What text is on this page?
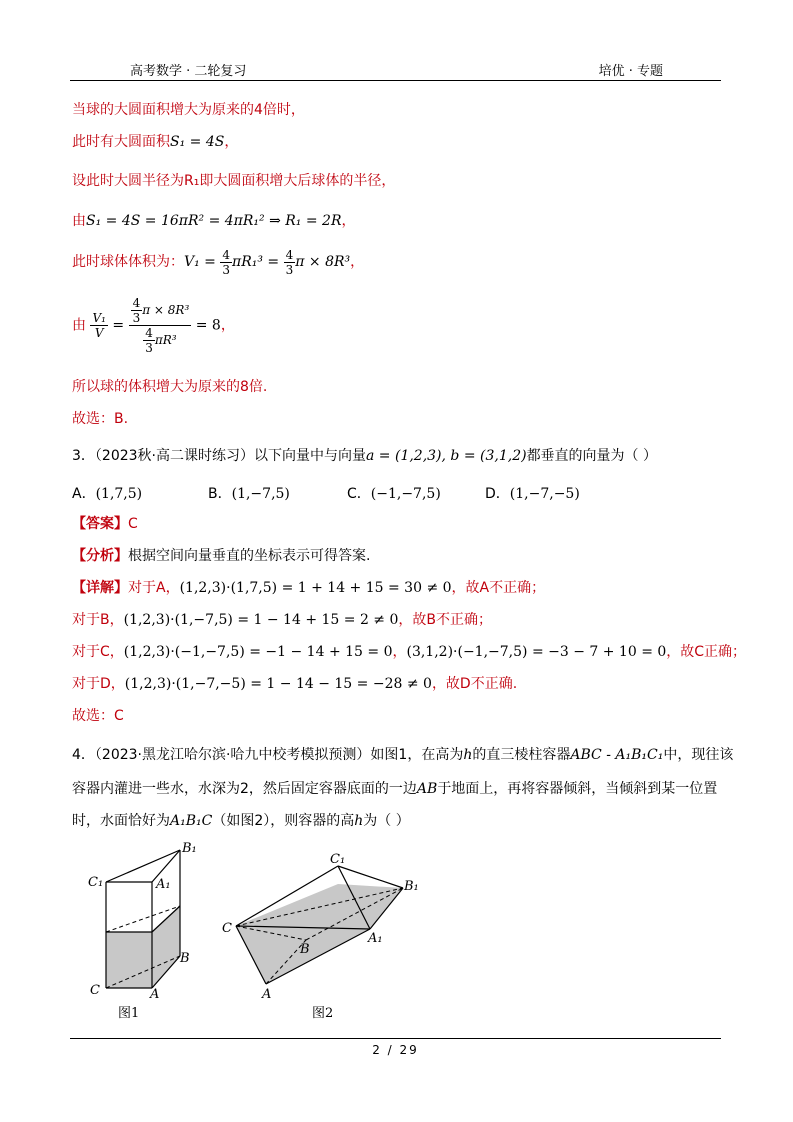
高考数学 · 二轮复习	培优 · 专题
当球的大圆面积增大为原来的4倍时，
此时有大圆面积S₁ = 4S，
设此时大圆半径为R₁即大圆面积增大后球体的半径，
由S₁ = 4S = 16πR² = 4πR₁² ⇒ R₁ = 2R，
此时球体体积为：$V_1 = \frac{4}{3} \pi R_1^3 = \frac{4}{3}$ π × 8R³，
由 $\frac{\text{V₁}}{V} = \frac{\frac{4}{3} \pi \times 8R^3}{\frac{4}{3} \pi R^3} = 8$，
所以球的体积增大为原来的8倍.
故选：B.
3．（2023秋·高二课时练习）以下向量中与向量a = (1,2,3), b = (3,1,2)都垂直的向量为（ ）
A．(1,7,5)	B．(1,−7,5)	C．(−1,−7,5)	D．(1,−7,−5)
【答案】C
【分析】根据空间向量垂直的坐标表示可得答案.
【详解】对于A，(1,2,3)·(1,7,5) = 1 + 14 + 15 = 30 ≠ 0，故A不正确；
对于B，(1,2,3)·(1,−7,5) = 1 − 14 + 15 = 2 ≠ 0，故B不正确；
对于C，(1,2,3)·(−1,−7,5) = −1 − 14 + 15 = 0，(3,1,2)·(−1,−7,5) = −3 − 7 + 10 = 0，故C正确；
对于D，(1,2,3)·(1,−7,−5) = 1 − 14 − 15 = −28 ≠ 0，故D不正确.
故选：C
4．（2023·黑龙江哈尔滨·哈九中校考模拟预测）如图1，在高为h的直三棱柱容器ABC - A₁B₁C₁中，现往该
容器内灌进一些水，水深为2，然后固定容器底面的一边AB于地面上，再将容器倾斜，当倾斜到某一位置
时，水面恰好为A₁B₁C（如图2），则容器的高h为（ ）
B₁
C₁	A₁
B
C	A
图1
C₁
B₁
C
A₁
B
A
图2
2 / 29
